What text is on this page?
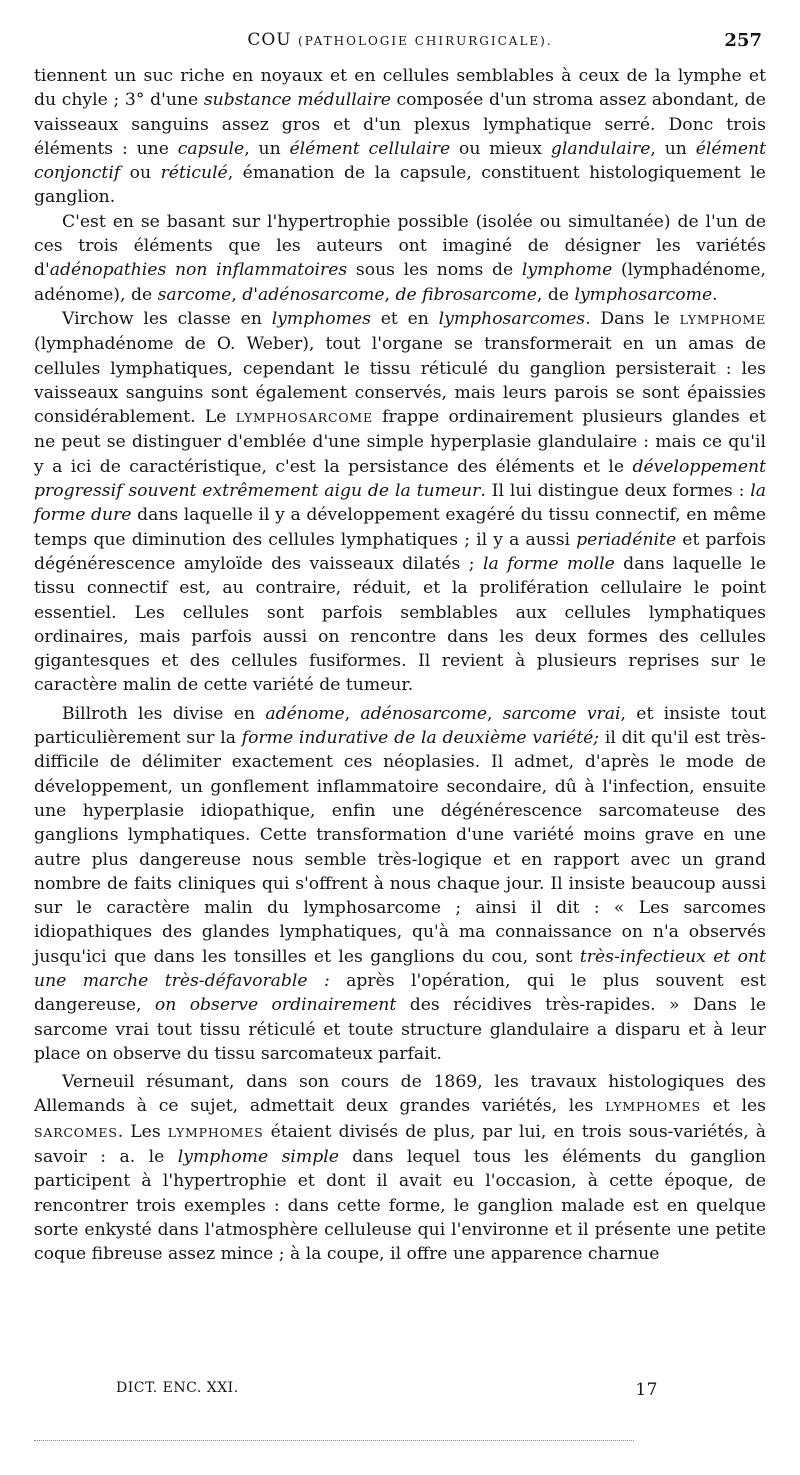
COU (PATHOLOGIE CHIRURGICALE).	257

tiennent un suc riche en noyaux et en cellules semblables à ceux de la lymphe et du chyle ; 3° d'une substance médullaire composée d'un stroma assez abondant, de vaisseaux sanguins assez gros et d'un plexus lymphatique serré. Donc trois éléments : une capsule, un élément cellulaire ou mieux glandulaire, un élément conjonctif ou réticulé, émanation de la capsule, constituent histologiquement le ganglion.

C'est en se basant sur l'hypertrophie possible (isolée ou simultanée) de l'un de ces trois éléments que les auteurs ont imaginé de désigner les variétés d'adénopathies non inflammatoires sous les noms de lymphome (lymphadénome, adénome), de sarcome, d'adénosarcome, de fibrosarcome, de lymphosarcome.

Virchow les classe en lymphomes et en lymphosarcomes. Dans le LYMPHOME (lymphadénome de O. Weber), tout l'organe se transformerait en un amas de cellules lymphatiques, cependant le tissu réticulé du ganglion persisterait : les vaisseaux sanguins sont également conservés, mais leurs parois se sont épaissies considérablement. Le LYMPHOSARCOME frappe ordinairement plusieurs glandes et ne peut se distinguer d'emblée d'une simple hyperplasie glandulaire : mais ce qu'il y a ici de caractéristique, c'est la persistance des éléments et le développement progressif souvent extrêmement aigu de la tumeur. Il lui distingue deux formes : la forme dure dans laquelle il y a développement exagéré du tissu connectif, en même temps que diminution des cellules lymphatiques ; il y a aussi periadénite et parfois dégénérescence amyloïde des vaisseaux dilatés ; la forme molle dans laquelle le tissu connectif est, au contraire, réduit, et la prolifération cellulaire le point essentiel. Les cellules sont parfois semblables aux cellules lymphatiques ordinaires, mais parfois aussi on rencontre dans les deux formes des cellules gigantesques et des cellules fusiformes. Il revient à plusieurs reprises sur le caractère malin de cette variété de tumeur.

Billroth les divise en adénome, adénosarcome, sarcome vrai, et insiste tout particulièrement sur la forme indurative de la deuxième variété; il dit qu'il est très-difficile de délimiter exactement ces néoplasies. Il admet, d'après le mode de développement, un gonflement inflammatoire secondaire, dû à l'infection, ensuite une hyperplasie idiopathique, enfin une dégénérescence sarcomateuse des ganglions lymphatiques. Cette transformation d'une variété moins grave en une autre plus dangereuse nous semble très-logique et en rapport avec un grand nombre de faits cliniques qui s'offrent à nous chaque jour. Il insiste beaucoup aussi sur le caractère malin du lymphosarcome ; ainsi il dit : « Les sarcomes idiopathiques des glandes lymphatiques, qu'à ma connaissance on n'a observés jusqu'ici que dans les tonsilles et les ganglions du cou, sont très-infectieux et ont une marche très-défavorable : après l'opération, qui le plus souvent est dangereuse, on observe ordinairement des récidives très-rapides. » Dans le sarcome vrai tout tissu réticulé et toute structure glandulaire a disparu et à leur place on observe du tissu sarcomateux parfait.

Verneuil résumant, dans son cours de 1869, les travaux histologiques des Allemands à ce sujet, admettait deux grandes variétés, les LYMPHOMES et les SARCOMES. Les LYMPHOMES étaient divisés de plus, par lui, en trois sous-variétés, à savoir : a. le lymphome simple dans lequel tous les éléments du ganglion participent à l'hypertrophie et dont il avait eu l'occasion, à cette époque, de rencontrer trois exemples : dans cette forme, le ganglion malade est en quelque sorte enkysté dans l'atmosphère celluleuse qui l'environne et il présente une petite coque fibreuse assez mince ; à la coupe, il offre une apparence charnue

DICT. ENC. XXI.	17
